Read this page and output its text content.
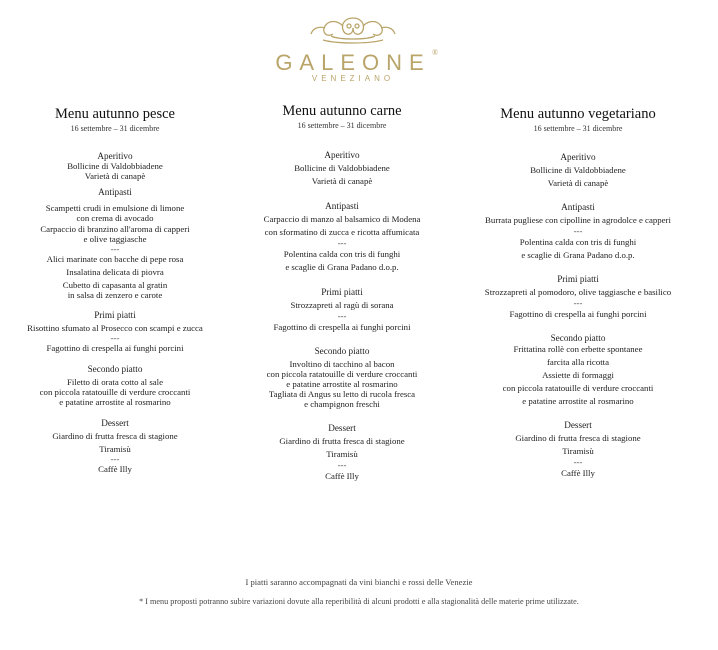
GALEONE ®
VENEZIANO
Menu autunno pesce
16 settembre – 31 dicembre
Aperitivo
Bollicine di Valdobbiadene
Varietà di canapè
Antipasti
Scampetti crudi in emulsione di limone
con crema di avocado
Carpaccio di branzino all'aroma di capperi
e olive taggiasche
---
Alici marinate con bacche di pepe rosa
Insalatina delicata di piovra
Cubetto di capasanta al gratin
in salsa di zenzero e carote
Primi piatti
Risottino sfumato al Prosecco con scampi e zucca
---
Fagottino di crespella ai funghi porcini
Secondo piatto
Filetto di orata cotto al sale
con piccola ratatouille di verdure croccanti
e patatine arrostite al rosmarino
Dessert
Giardino di frutta fresca di stagione
Tiramisù
---
Caffè Illy
Menu autunno carne
16 settembre – 31 dicembre
Aperitivo
Bollicine di Valdobbiadene
Varietà di canapè
Antipasti
Carpaccio di manzo al balsamico di Modena
con sformatino di zucca e ricotta affumicata
---
Polentina calda con tris di funghi
e scaglie di Grana Padano d.o.p.
Primi piatti
Strozzapreti al ragù di sorana
---
Fagottino di crespella ai funghi porcini
Secondo piatto
Involtino di tacchino al bacon
con piccola ratatouille di verdure croccanti
e patatine arrostite al rosmarino
Tagliata di Angus su letto di rucola fresca
e champignon freschi
Dessert
Giardino di frutta fresca di stagione
Tiramisù
---
Caffè Illy
Menu autunno vegetariano
16 settembre – 31 dicembre
Aperitivo
Bollicine di Valdobbiadene
Varietà di canapè
Antipasti
Burrata pugliese con cipolline in agrodolce e capperi
---
Polentina calda con tris di funghi
e scaglie di Grana Padano d.o.p.
Primi piatti
Strozzapreti al pomodoro, olive taggiasche e basilico
---
Fagottino di crespella ai funghi porcini
Secondo piatto
Frittatina rollè con erbette spontanee
farcita alla ricotta
Assiette di formaggi
con piccola ratatouille di verdure croccanti
e patatine arrostite al rosmarino
Dessert
Giardino di frutta fresca di stagione
Tiramisù
---
Caffè Illy
I piatti saranno accompagnati da vini bianchi e rossi delle Venezie
* I menu proposti potranno subire variazioni dovute alla reperibilità di alcuni prodotti e alla stagionalità delle materie prime utilizzate.
